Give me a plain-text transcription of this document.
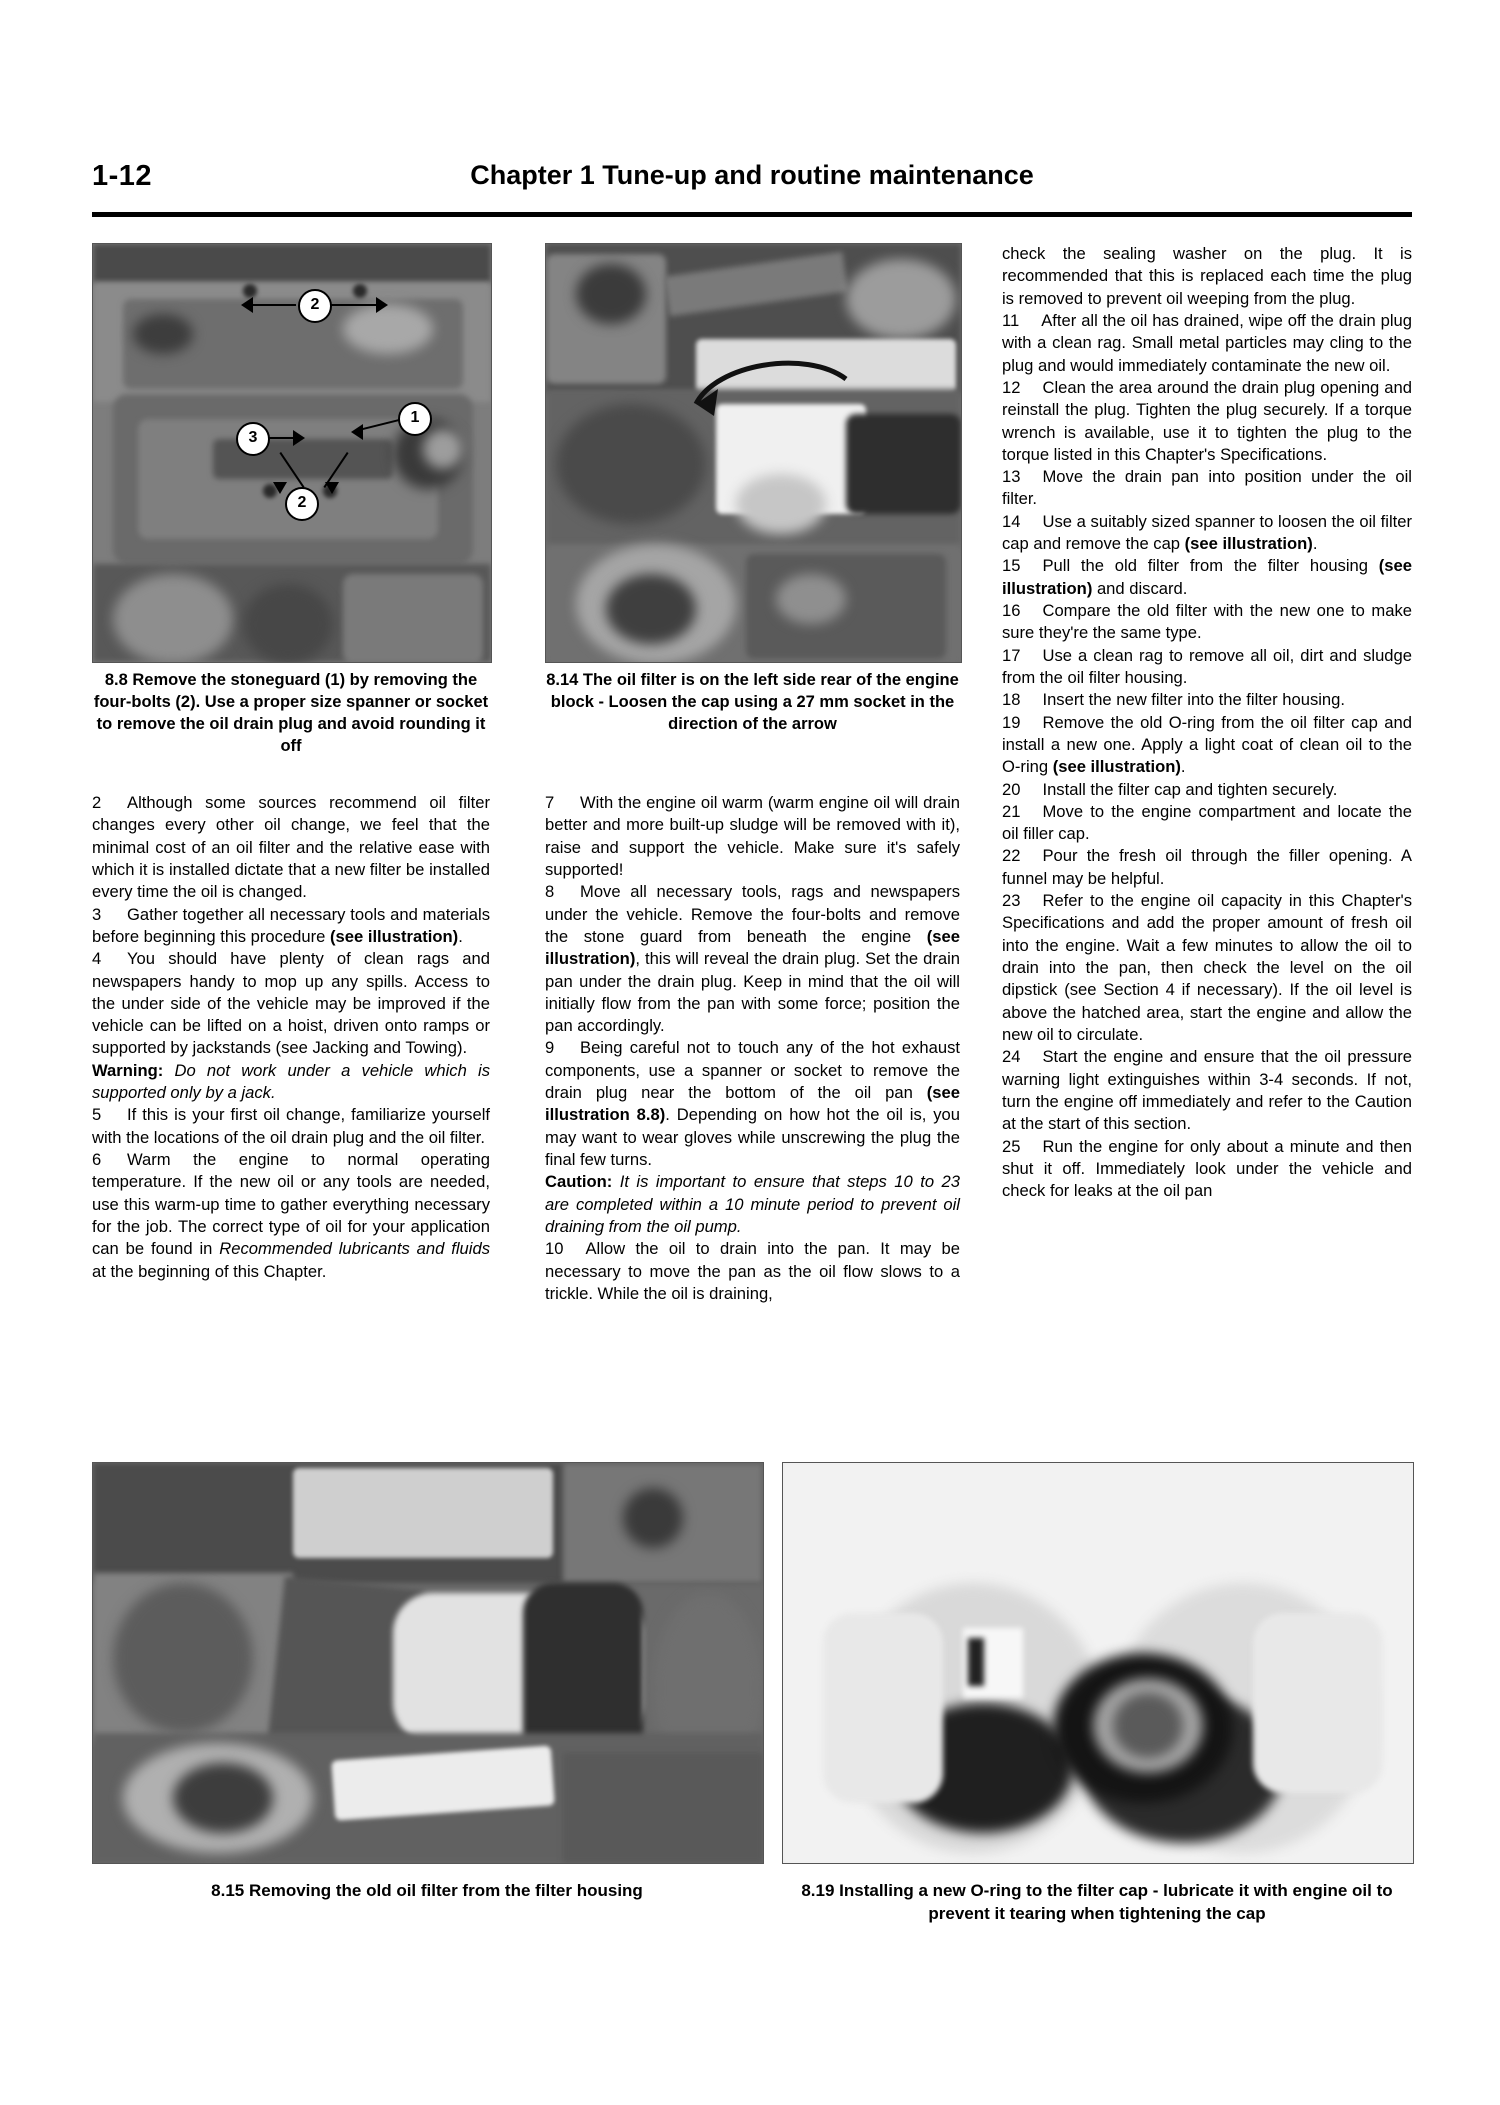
1-12	Chapter 1 Tune-up and routine maintenance
2
1
3
2
8.8 Remove the stoneguard (1) by removing the four-bolts (2). Use a proper size spanner or socket to remove the oil drain plug and avoid rounding it off
8.14 The oil filter is on the left side rear of the engine block - Loosen the cap using a 27 mm socket in the direction of the arrow

2 Although some sources recommend oil filter changes every other oil change, we feel that the minimal cost of an oil filter and the relative ease with which it is installed dictate that a new filter be installed every time the oil is changed.

3 Gather together all necessary tools and materials before beginning this procedure (see illustration).

4 You should have plenty of clean rags and newspapers handy to mop up any spills. Access to the under side of the vehicle may be improved if the vehicle can be lifted on a hoist, driven onto ramps or supported by jackstands (see Jacking and Towing).

Warning: Do not work under a vehicle which is supported only by a jack.

5 If this is your first oil change, familiarize yourself with the locations of the oil drain plug and the oil filter.

6 Warm the engine to normal operating temperature. If the new oil or any tools are needed, use this warm-up time to gather everything necessary for the job. The correct type of oil for your application can be found in Recommended lubricants and fluids at the beginning of this Chapter.

7 With the engine oil warm (warm engine oil will drain better and more built-up sludge will be removed with it), raise and support the vehicle. Make sure it's safely supported!

8 Move all necessary tools, rags and newspapers under the vehicle. Remove the four-bolts and remove the stone guard from beneath the engine (see illustration), this will reveal the drain plug. Set the drain pan under the drain plug. Keep in mind that the oil will initially flow from the pan with some force; position the pan accordingly.

9 Being careful not to touch any of the hot exhaust components, use a spanner or socket to remove the drain plug near the bottom of the oil pan (see illustration 8.8). Depending on how hot the oil is, you may want to wear gloves while unscrewing the plug the final few turns.

Caution: It is important to ensure that steps 10 to 23 are completed within a 10 minute period to prevent oil draining from the oil pump.

10 Allow the oil to drain into the pan. It may be necessary to move the pan as the oil flow slows to a trickle. While the oil is draining,

check the sealing washer on the plug. It is recommended that this is replaced each time the plug is removed to prevent oil weeping from the plug.

11 After all the oil has drained, wipe off the drain plug with a clean rag. Small metal particles may cling to the plug and would immediately contaminate the new oil.

12 Clean the area around the drain plug opening and reinstall the plug. Tighten the plug securely. If a torque wrench is available, use it to tighten the plug to the torque listed in this Chapter's Specifications.

13 Move the drain pan into position under the oil filter.

14 Use a suitably sized spanner to loosen the oil filter cap and remove the cap (see illustration).

15 Pull the old filter from the filter housing (see illustration) and discard.

16 Compare the old filter with the new one to make sure they're the same type.

17 Use a clean rag to remove all oil, dirt and sludge from the oil filter housing.

18 Insert the new filter into the filter housing.

19 Remove the old O-ring from the oil filter cap and install a new one. Apply a light coat of clean oil to the O-ring (see illustration).

20 Install the filter cap and tighten securely.

21 Move to the engine compartment and locate the oil filler cap.

22 Pour the fresh oil through the filler opening. A funnel may be helpful.

23 Refer to the engine oil capacity in this Chapter's Specifications and add the proper amount of fresh oil into the engine. Wait a few minutes to allow the oil to drain into the pan, then check the level on the oil dipstick (see Section 4 if necessary). If the oil level is above the hatched area, start the engine and allow the new oil to circulate.

24 Start the engine and ensure that the oil pressure warning light extinguishes within 3-4 seconds. If not, turn the engine off immediately and refer to the Caution at the start of this section.

25 Run the engine for only about a minute and then shut it off. Immediately look under the vehicle and check for leaks at the oil pan

8.15 Removing the old oil filter from the filter housing	8.19 Installing a new O-ring to the filter cap - lubricate it with engine oil to prevent it tearing when tightening the cap
